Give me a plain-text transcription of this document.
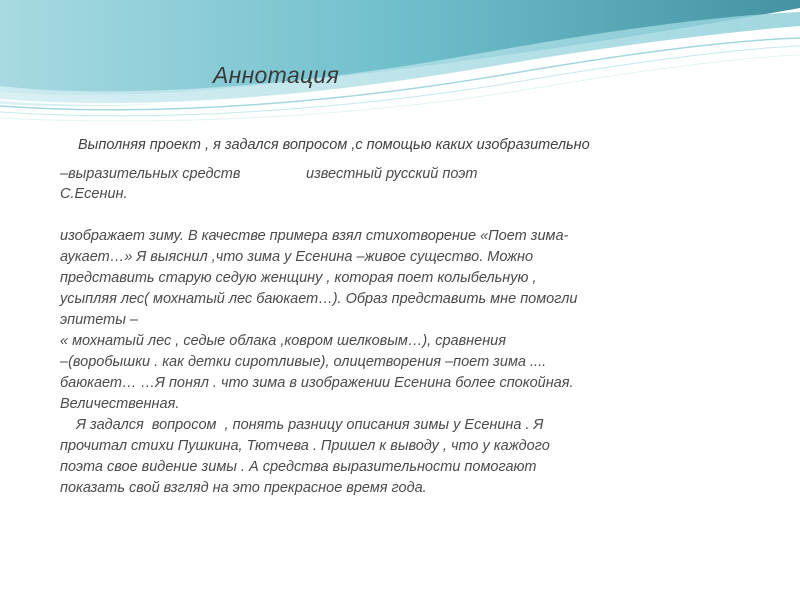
Аннотация
Выполняя проект , я задался вопросом ,с помощью каких изобразительно
–выразительных средств	известный русский поэт
С.Есенин.
изображает зиму. В качестве примера взял стихотворение «Поет зима-
аукает…» Я выяснил ,что зима у Есенина –живое существо. Можно
представить старую седую женщину , которая поет колыбельную ,
усыпляя лес( мохнатый лес баюкает…). Образ представить мне помогли
эпитеты –
« мохнатый лес , седые облака ,ковром шелковым…), сравнения
–(воробышки . как детки сиротливые), олицетворения –поет зима ....
баюкает… …Я понял . что зима в изображении Есенина более спокойная.
Величественная.
Я задался  вопросом  , понять разницу описания зимы у Есенина . Я
прочитал стихи Пушкина, Тютчева . Пришел к выводу , что у каждого
поэта свое видение зимы . А средства выразительности помогают
показать свой взгляд на это прекрасное время года.
